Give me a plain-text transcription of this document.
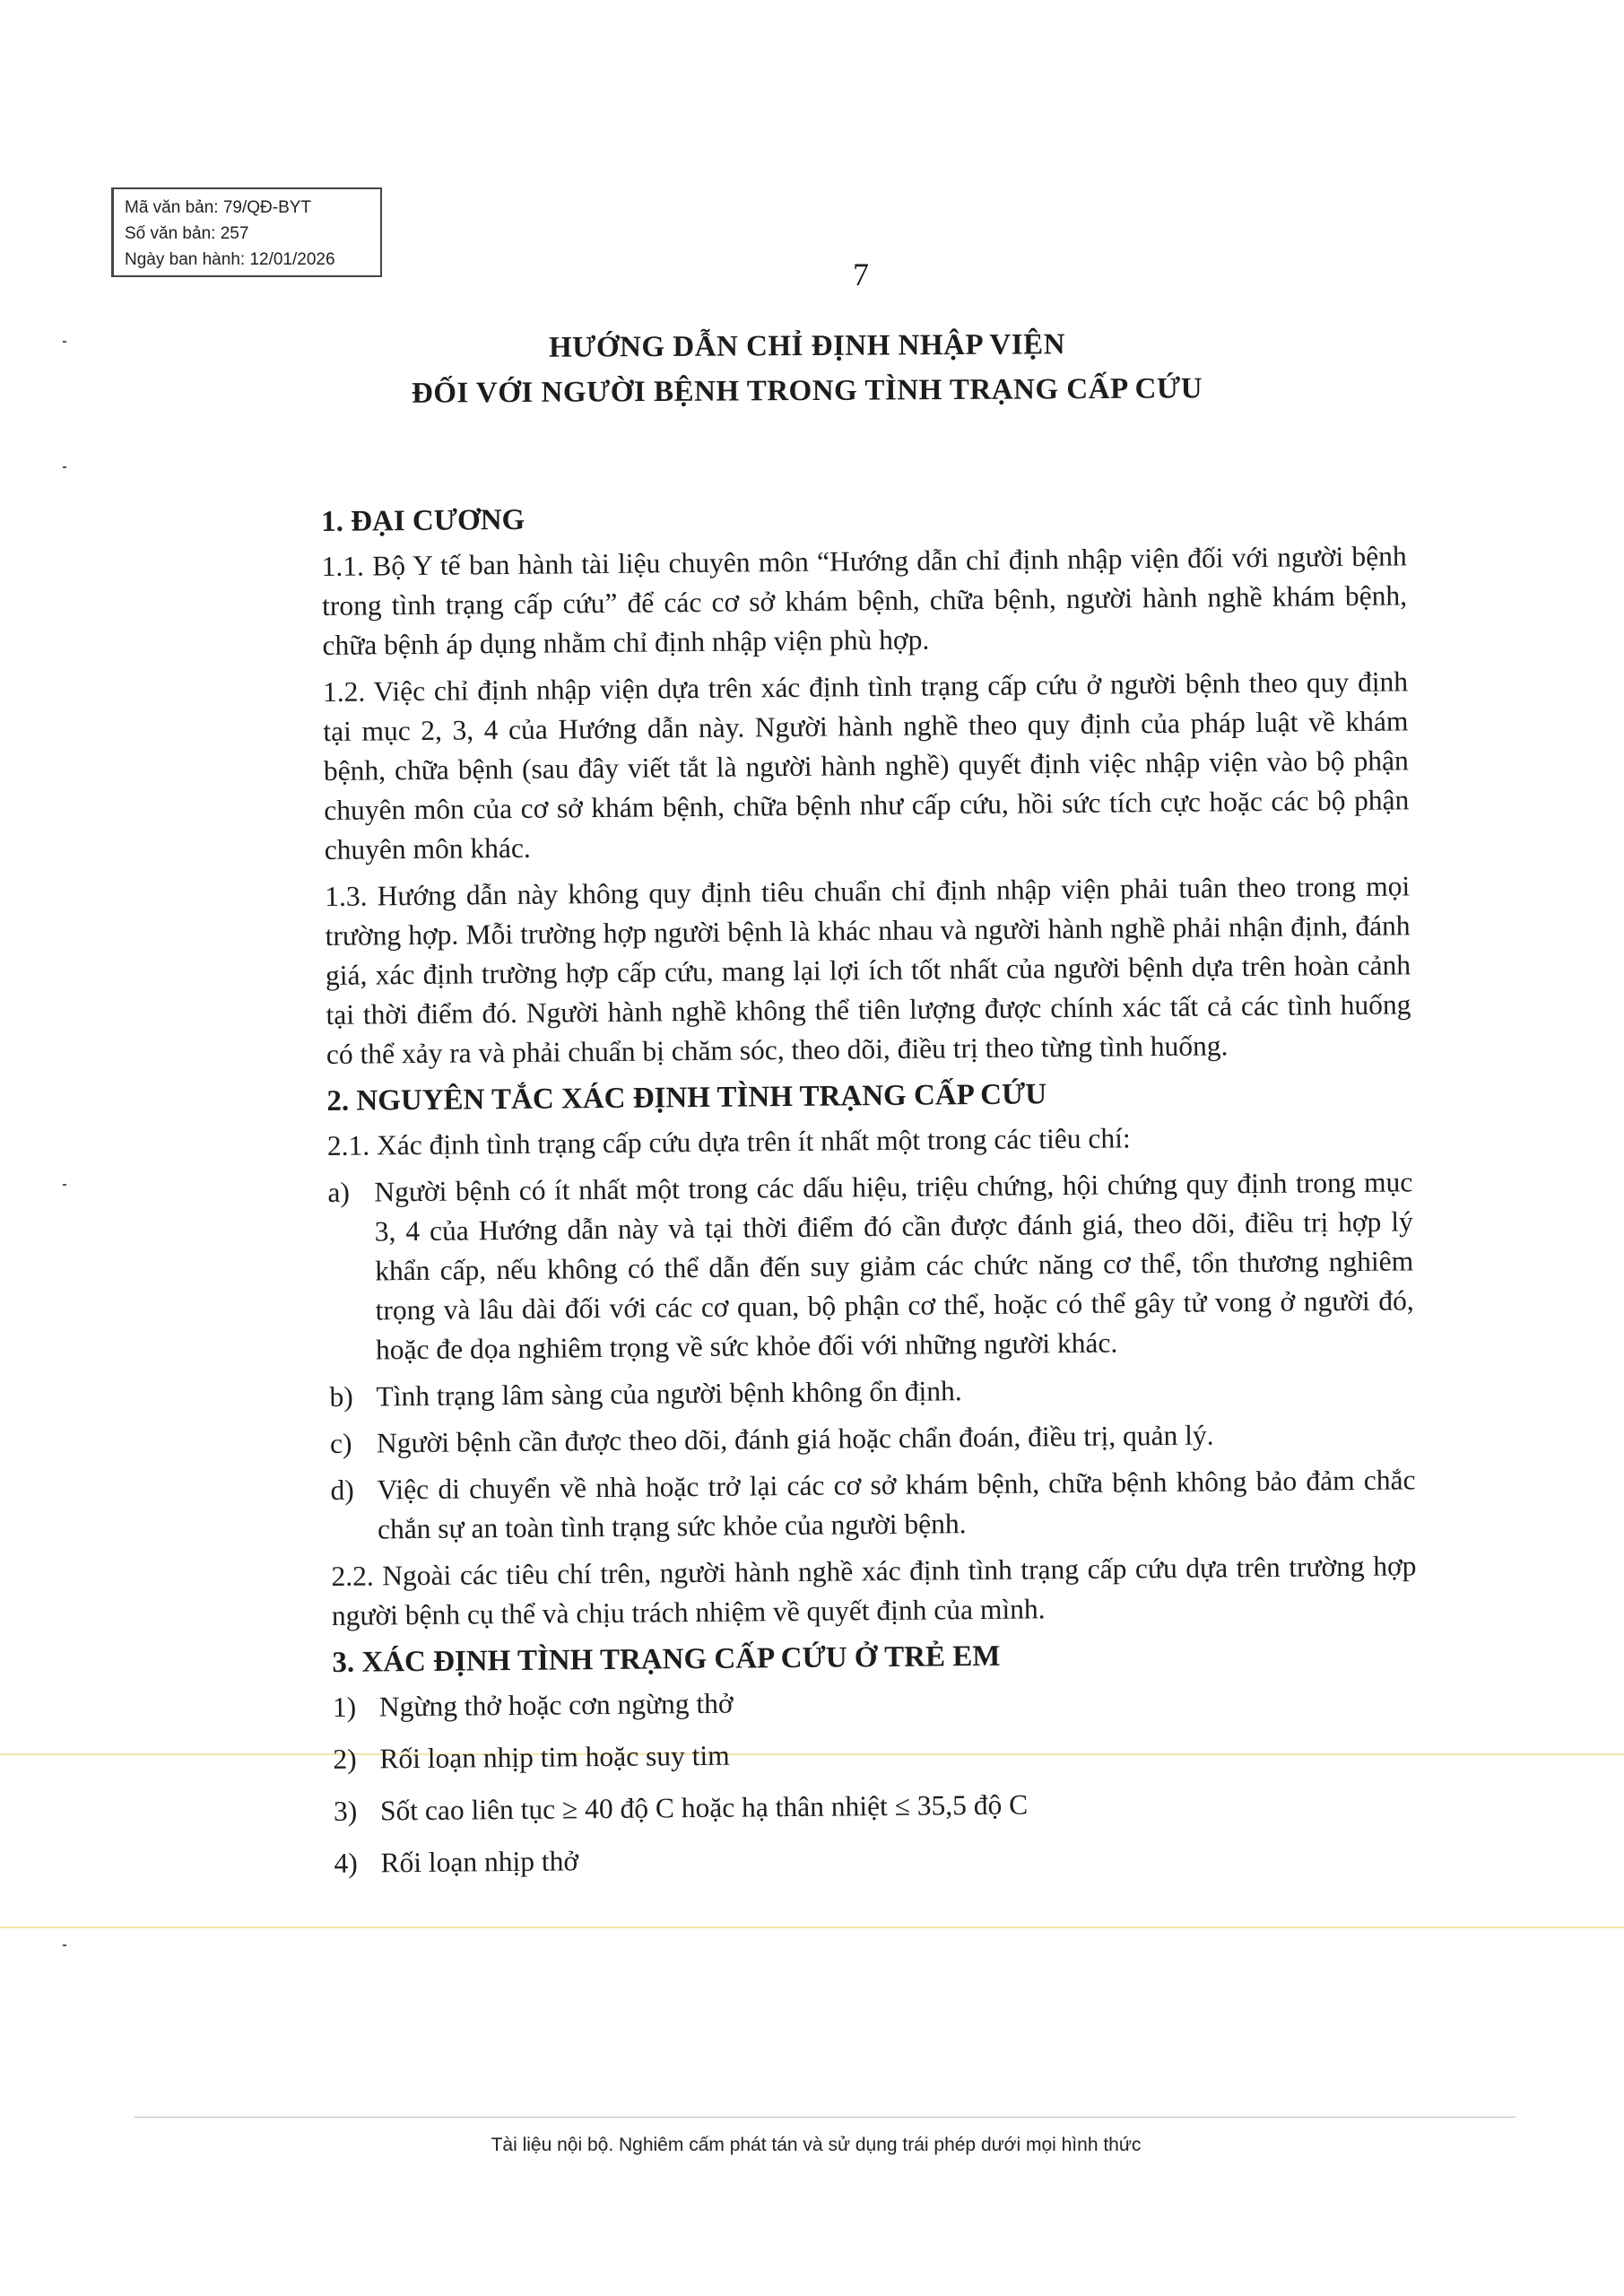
Mã văn bản: 79/QĐ-BYT
Số văn bản: 257
Ngày ban hành: 12/01/2026	7
HƯỚNG DẪN CHỈ ĐỊNH NHẬP VIỆN
ĐỐI VỚI NGƯỜI BỆNH TRONG TÌNH TRẠNG CẤP CỨU
1. ĐẠI CƯƠNG

1.1. Bộ Y tế ban hành tài liệu chuyên môn “Hướng dẫn chỉ định nhập viện đối với người bệnh trong tình trạng cấp cứu” để các cơ sở khám bệnh, chữa bệnh, người hành nghề khám bệnh, chữa bệnh áp dụng nhằm chỉ định nhập viện phù hợp.

1.2. Việc chỉ định nhập viện dựa trên xác định tình trạng cấp cứu ở người bệnh theo quy định tại mục 2, 3, 4 của Hướng dẫn này. Người hành nghề theo quy định của pháp luật về khám bệnh, chữa bệnh (sau đây viết tắt là người hành nghề) quyết định việc nhập viện vào bộ phận chuyên môn của cơ sở khám bệnh, chữa bệnh như cấp cứu, hồi sức tích cực hoặc các bộ phận chuyên môn khác.

1.3. Hướng dẫn này không quy định tiêu chuẩn chỉ định nhập viện phải tuân theo trong mọi trường hợp. Mỗi trường hợp người bệnh là khác nhau và người hành nghề phải nhận định, đánh giá, xác định trường hợp cấp cứu, mang lại lợi ích tốt nhất của người bệnh dựa trên hoàn cảnh tại thời điểm đó. Người hành nghề không thể tiên lượng được chính xác tất cả các tình huống có thể xảy ra và phải chuẩn bị chăm sóc, theo dõi, điều trị theo từng tình huống.

2. NGUYÊN TẮC XÁC ĐỊNH TÌNH TRẠNG CẤP CỨU

2.1. Xác định tình trạng cấp cứu dựa trên ít nhất một trong các tiêu chí:

a) Người bệnh có ít nhất một trong các dấu hiệu, triệu chứng, hội chứng quy định trong mục 3, 4 của Hướng dẫn này và tại thời điểm đó cần được đánh giá, theo dõi, điều trị hợp lý khẩn cấp, nếu không có thể dẫn đến suy giảm các chức năng cơ thể, tổn thương nghiêm trọng và lâu dài đối với các cơ quan, bộ phận cơ thể, hoặc có thể gây tử vong ở người đó, hoặc đe dọa nghiêm trọng về sức khỏe đối với những người khác.
b) Tình trạng lâm sàng của người bệnh không ổn định.
c) Người bệnh cần được theo dõi, đánh giá hoặc chẩn đoán, điều trị, quản lý.
d) Việc di chuyển về nhà hoặc trở lại các cơ sở khám bệnh, chữa bệnh không bảo đảm chắc chắn sự an toàn tình trạng sức khỏe của người bệnh.

2.2. Ngoài các tiêu chí trên, người hành nghề xác định tình trạng cấp cứu dựa trên trường hợp người bệnh cụ thể và chịu trách nhiệm về quyết định của mình.

3. XÁC ĐỊNH TÌNH TRẠNG CẤP CỨU Ở TRẺ EM
1) Ngừng thở hoặc cơn ngừng thở
2) Rối loạn nhịp tim hoặc suy tim
3) Sốt cao liên tục ≥ 40 độ C hoặc hạ thân nhiệt ≤ 35,5 độ C
4) Rối loạn nhịp thở
Tài liệu nội bộ. Nghiêm cấm phát tán và sử dụng trái phép dưới mọi hình thức
